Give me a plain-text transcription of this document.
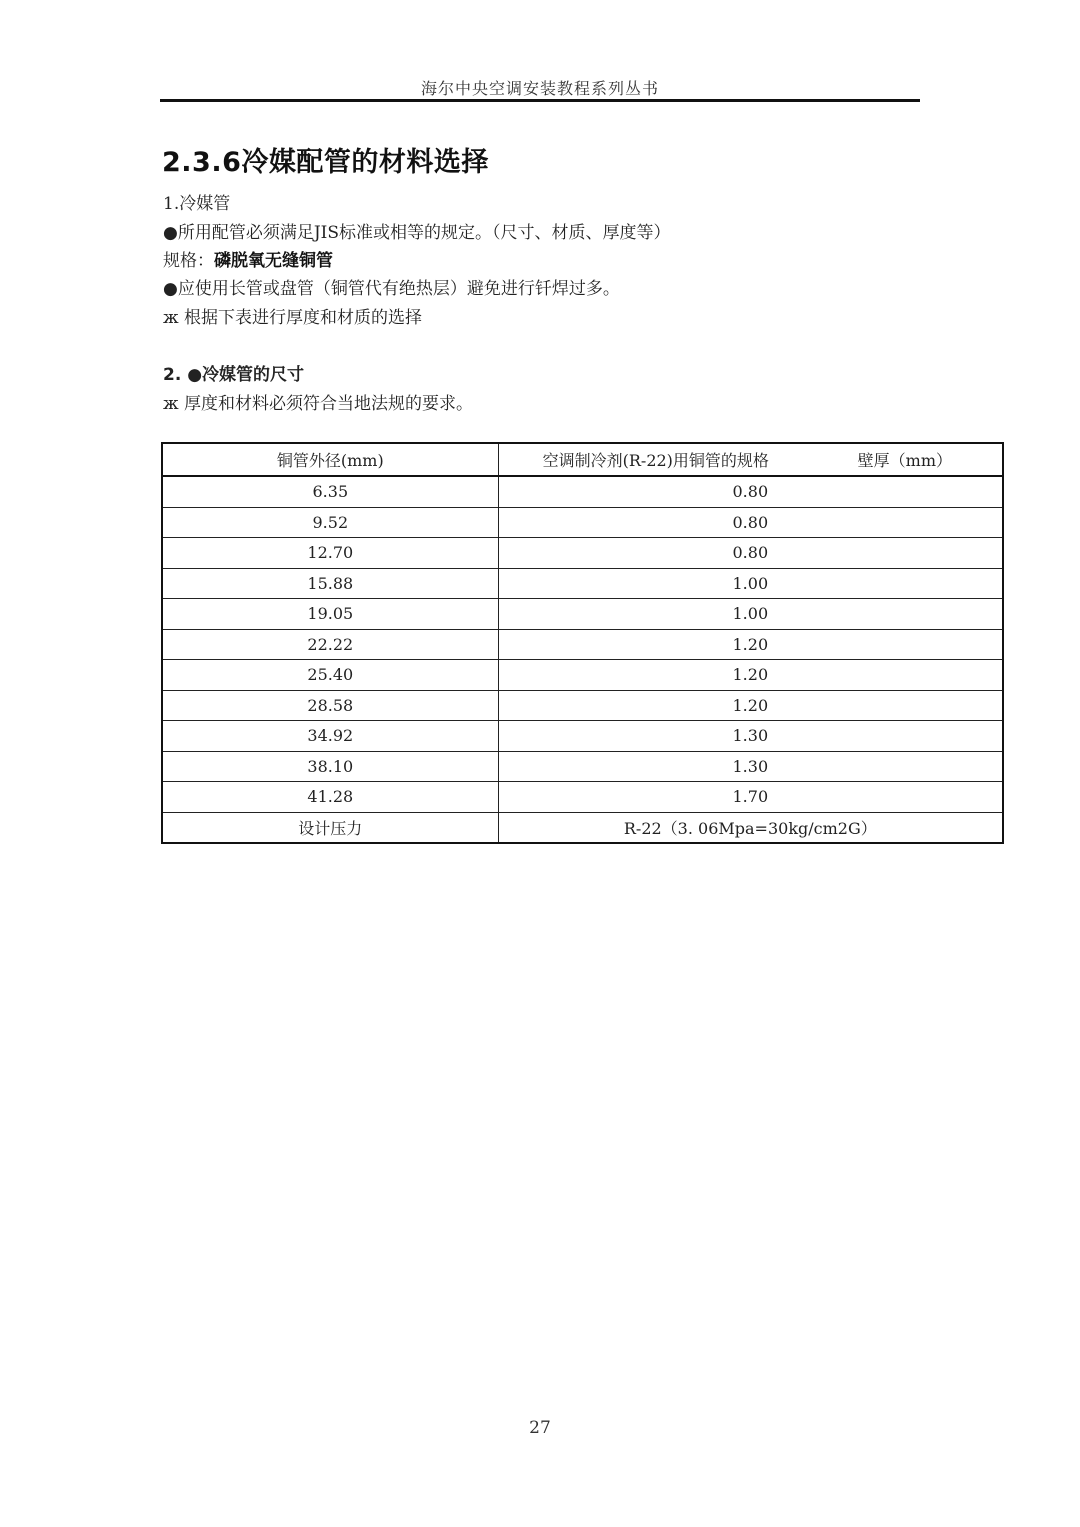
海尔中央空调安装教程系列丛书
2.3.6冷媒配管的材料选择
1.冷媒管
●所用配管必须满足JIS标准或相等的规定。（尺寸、材质、厚度等）
规格：磷脱氧无缝铜管
●应使用长管或盘管（铜管代有绝热层）避免进行钎焊过多。
ж 根据下表进行厚度和材质的选择
2. ●冷媒管的尺寸
ж 厚度和材料必须符合当地法规的要求。
铜管外径(mm)	空调制冷剂(R-22)用铜管的规格 壁厚（mm）

6.35	0.80
9.52	0.80
12.70	0.80
15.88	1.00
19.05	1.00
22.22	1.20
25.40	1.20
28.58	1.20
34.92	1.30
38.10	1.30
41.28	1.70
设计压力	R-22（3. 06Mpa=30kg/cm2G）
27
